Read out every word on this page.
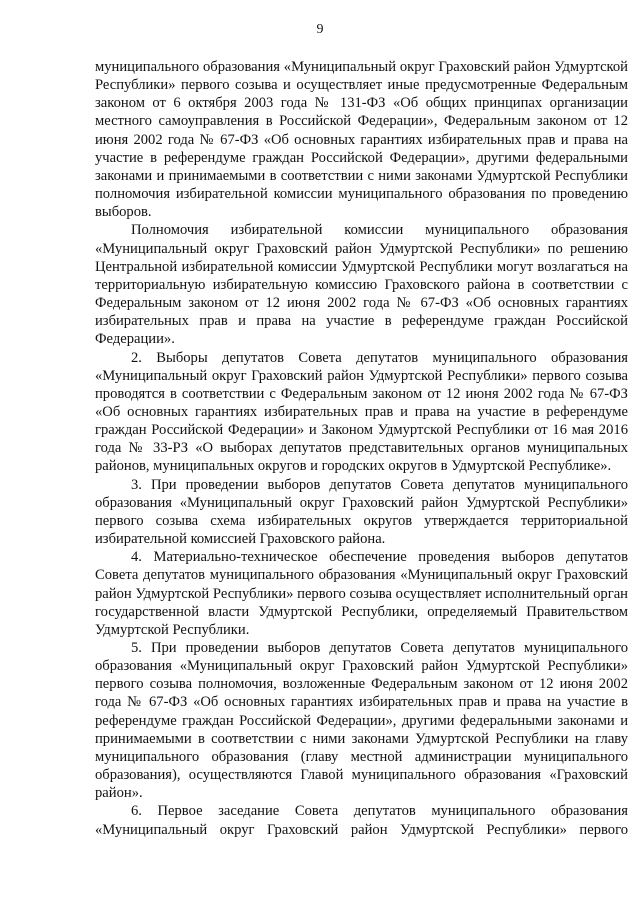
9

муниципального образования «Муниципальный округ Граховский район Удмуртской Республики» первого созыва и осуществляет иные предусмотренные Федеральным законом от 6 октября 2003 года № 131-ФЗ «Об общих принципах организации местного самоуправления в Российской Федерации», Федеральным законом от 12 июня 2002 года № 67-ФЗ «Об основных гарантиях избирательных прав и права на участие в референдуме граждан Российской Федерации», другими федеральными законами и принимаемыми в соответствии с ними законами Удмуртской Республики полномочия избирательной комиссии муниципального образования по проведению выборов.

Полномочия избирательной комиссии муниципального образования «Муниципальный округ Граховский район Удмуртской Республики» по решению Центральной избирательной комиссии Удмуртской Республики могут возлагаться на территориальную избирательную комиссию Граховского района в соответствии с Федеральным законом от 12 июня 2002 года № 67-ФЗ «Об основных гарантиях избирательных прав и права на участие в референдуме граждан Российской Федерации».

2. Выборы депутатов Совета депутатов муниципального образования «Муниципальный округ Граховский район Удмуртской Республики» первого созыва проводятся в соответствии с Федеральным законом от 12 июня 2002 года № 67-ФЗ «Об основных гарантиях избирательных прав и права на участие в референдуме граждан Российской Федерации» и Законом Удмуртской Республики от 16 мая 2016 года № 33-РЗ «О выборах депутатов представительных органов муниципальных районов, муниципальных округов и городских округов в Удмуртской Республике».

3. При проведении выборов депутатов Совета депутатов муниципального образования «Муниципальный округ Граховский район Удмуртской Республики» первого созыва схема избирательных округов утверждается территориальной избирательной комиссией Граховского района.

4. Материально-техническое обеспечение проведения выборов депутатов Совета депутатов муниципального образования «Муниципальный округ Граховский район Удмуртской Республики» первого созыва осуществляет исполнительный орган государственной власти Удмуртской Республики, определяемый Правительством Удмуртской Республики.

5. При проведении выборов депутатов Совета депутатов муниципального образования «Муниципальный округ Граховский район Удмуртской Республики» первого созыва полномочия, возложенные Федеральным законом от 12 июня 2002 года № 67-ФЗ «Об основных гарантиях избирательных прав и права на участие в референдуме граждан Российской Федерации», другими федеральными законами и принимаемыми в соответствии с ними законами Удмуртской Республики на главу муниципального образования (главу местной администрации муниципального образования), осуществляются Главой муниципального образования «Граховский район».

6. Первое заседание Совета депутатов муниципального образования «Муниципальный округ Граховский район Удмуртской Республики» первого
